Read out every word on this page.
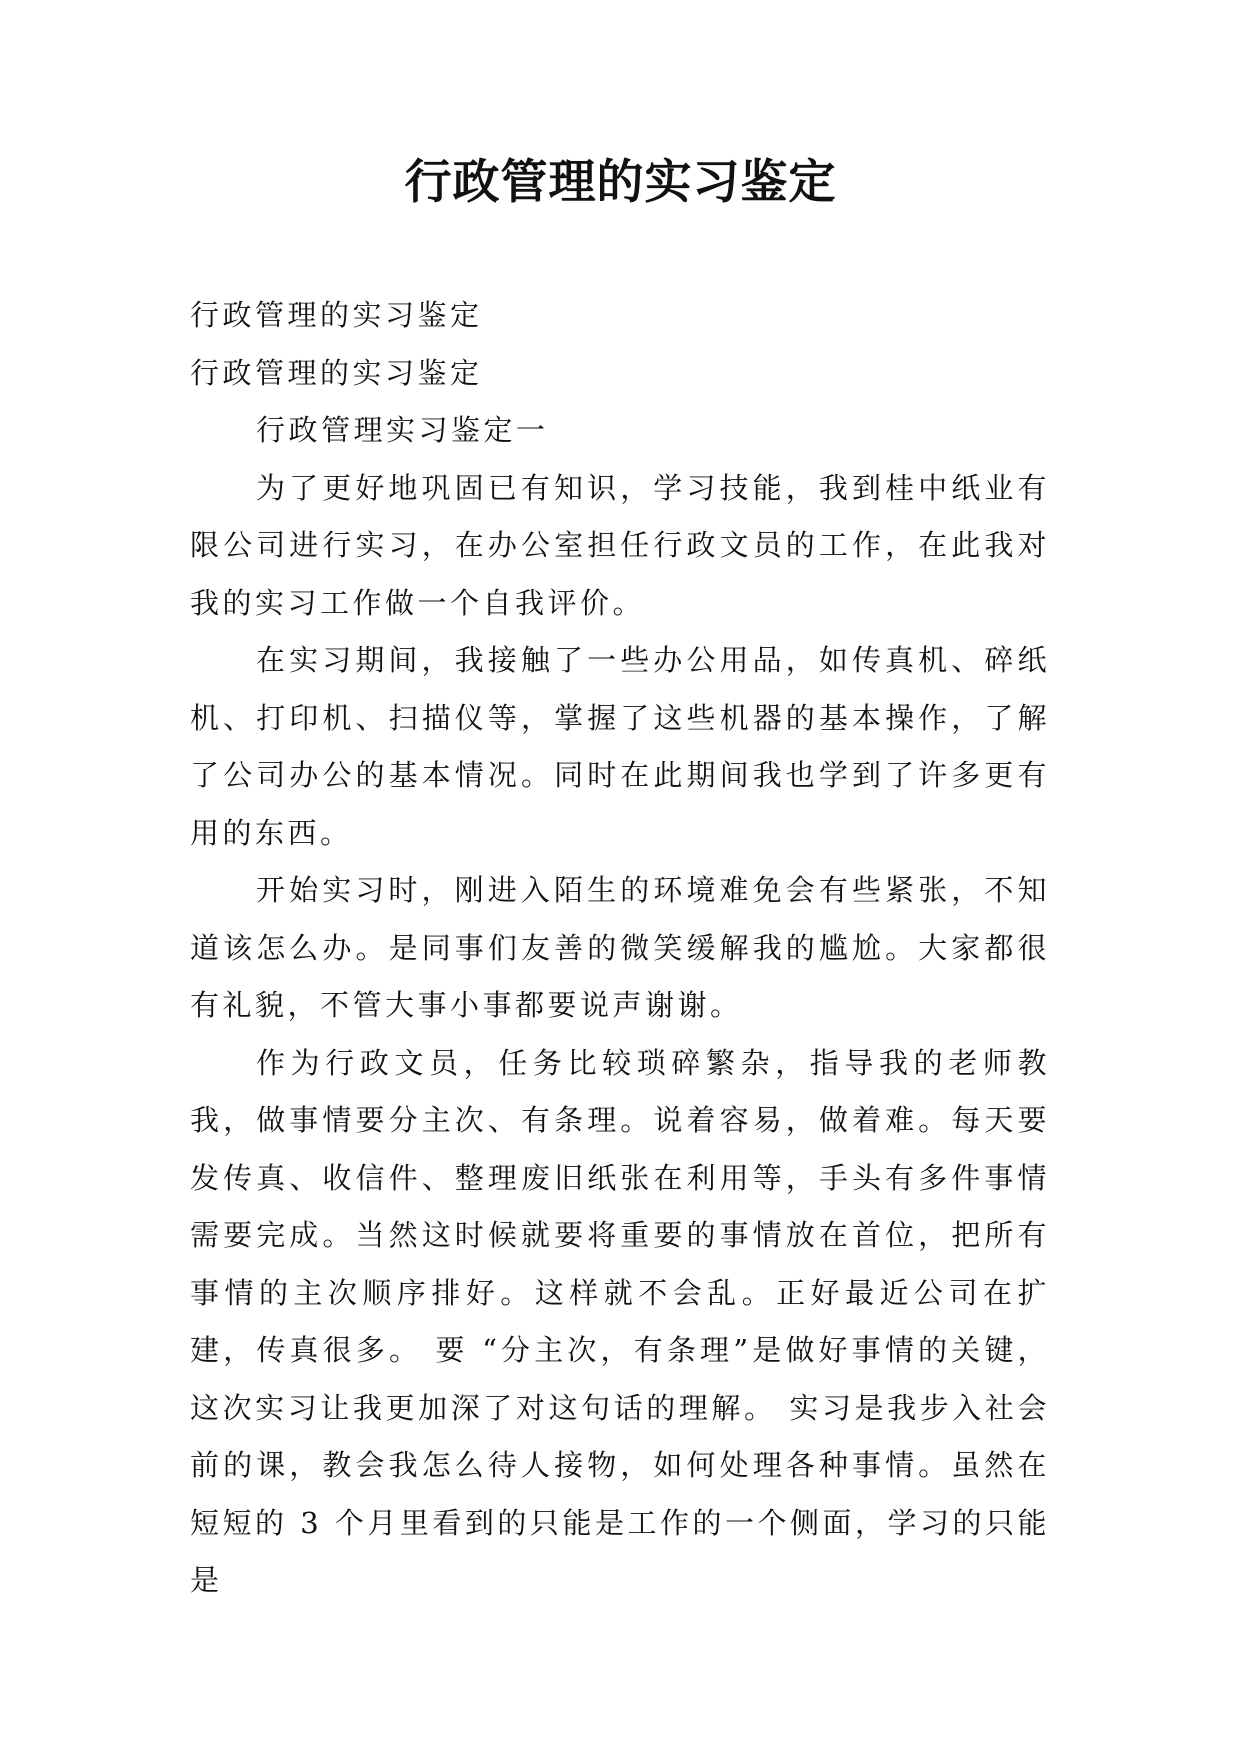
行政管理的实习鉴定

行政管理的实习鉴定

行政管理的实习鉴定

行政管理实习鉴定一

为了更好地巩固已有知识，学习技能，我到桂中纸业有限公司进行实习，在办公室担任行政文员的工作，在此我对我的实习工作做一个自我评价。

在实习期间，我接触了一些办公用品，如传真机、碎纸机、打印机、扫描仪等，掌握了这些机器的基本操作，了解了公司办公的基本情况。同时在此期间我也学到了许多更有用的东西。

开始实习时，刚进入陌生的环境难免会有些紧张，不知道该怎么办。是同事们友善的微笑缓解我的尴尬。大家都很有礼貌，不管大事小事都要说声谢谢。

作为行政文员，任务比较琐碎繁杂，指导我的老师教我，做事情要分主次、有条理。说着容易，做着难。每天要发传真、收信件、整理废旧纸张在利用等，手头有多件事情需要完成。当然这时候就要将重要的事情放在首位，把所有事情的主次顺序排好。这样就不会乱。正好最近公司在扩建，传真很多。 要 “分主次，有条理”是做好事情的关键，这次实习让我更加深了对这句话的理解。 实习是我步入社会前的课，教会我怎么待人接物，如何处理各种事情。虽然在短短的 3 个月里看到的只能是工作的一个侧面，学习的只能是
